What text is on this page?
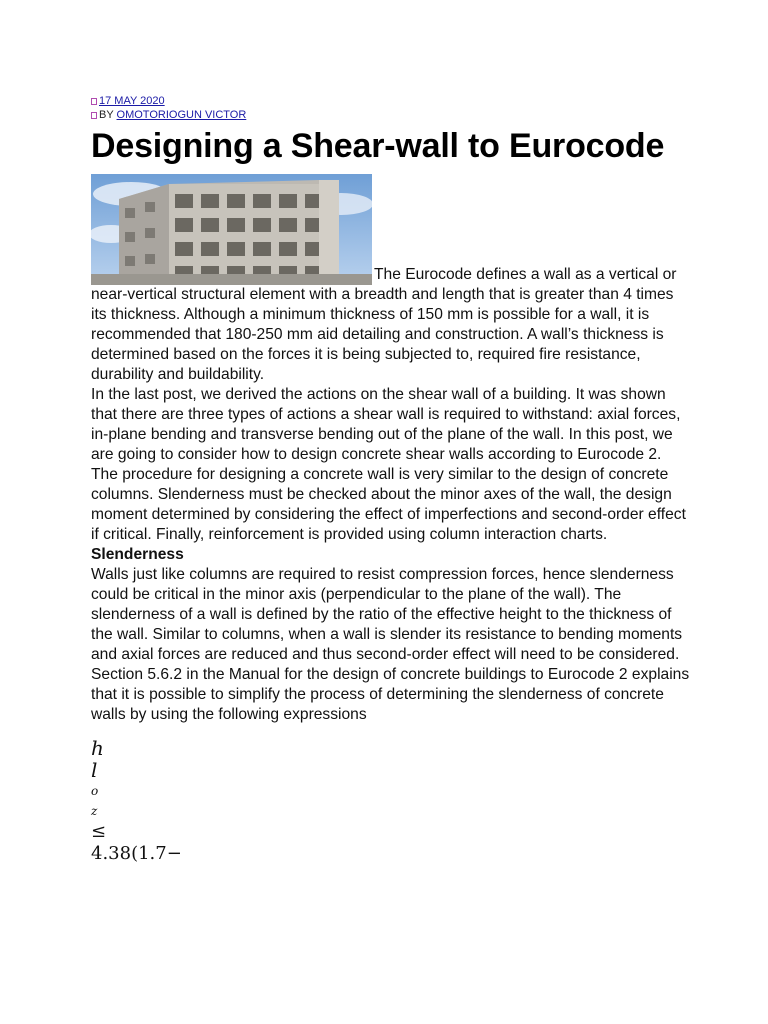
17 MAY 2020
BY OMOTORIOGUN VICTOR
Designing a Shear-wall to Eurocode

The Eurocode defines a wall as a vertical or near-vertical structural element with a breadth and length that is greater than 4 times its thickness. Although a minimum thickness of 150 mm is possible for a wall, it is recommended that 180-250 mm aid detailing and construction. A wall’s thickness is determined based on the forces it is being subjected to, required fire resistance, durability and buildability.

In the last post, we derived the actions on the shear wall of a building. It was shown that there are three types of actions a shear wall is required to withstand: axial forces, in-plane bending and transverse bending out of the plane of the wall. In this post, we are going to consider how to design concrete shear walls according to Eurocode 2.

The procedure for designing a concrete wall is very similar to the design of concrete columns. Slenderness must be checked about the minor axes of the wall, the design moment determined by considering the effect of imperfections and second-order effect if critical. Finally, reinforcement is provided using column interaction charts.

Slenderness

Walls just like columns are required to resist compression forces, hence slenderness could be critical in the minor axis (perpendicular to the plane of the wall). The slenderness of a wall is defined by the ratio of the effective height to the thickness of the wall. Similar to columns, when a wall is slender its resistance to bending moments and axial forces are reduced and thus second-order effect will need to be considered.

Section 5.6.2 in the Manual for the design of concrete buildings to Eurocode 2 explains that it is possible to simplify the process of determining the slenderness of concrete walls by using the following expressions

h
l
o
z
≤
4.38(1.7−
